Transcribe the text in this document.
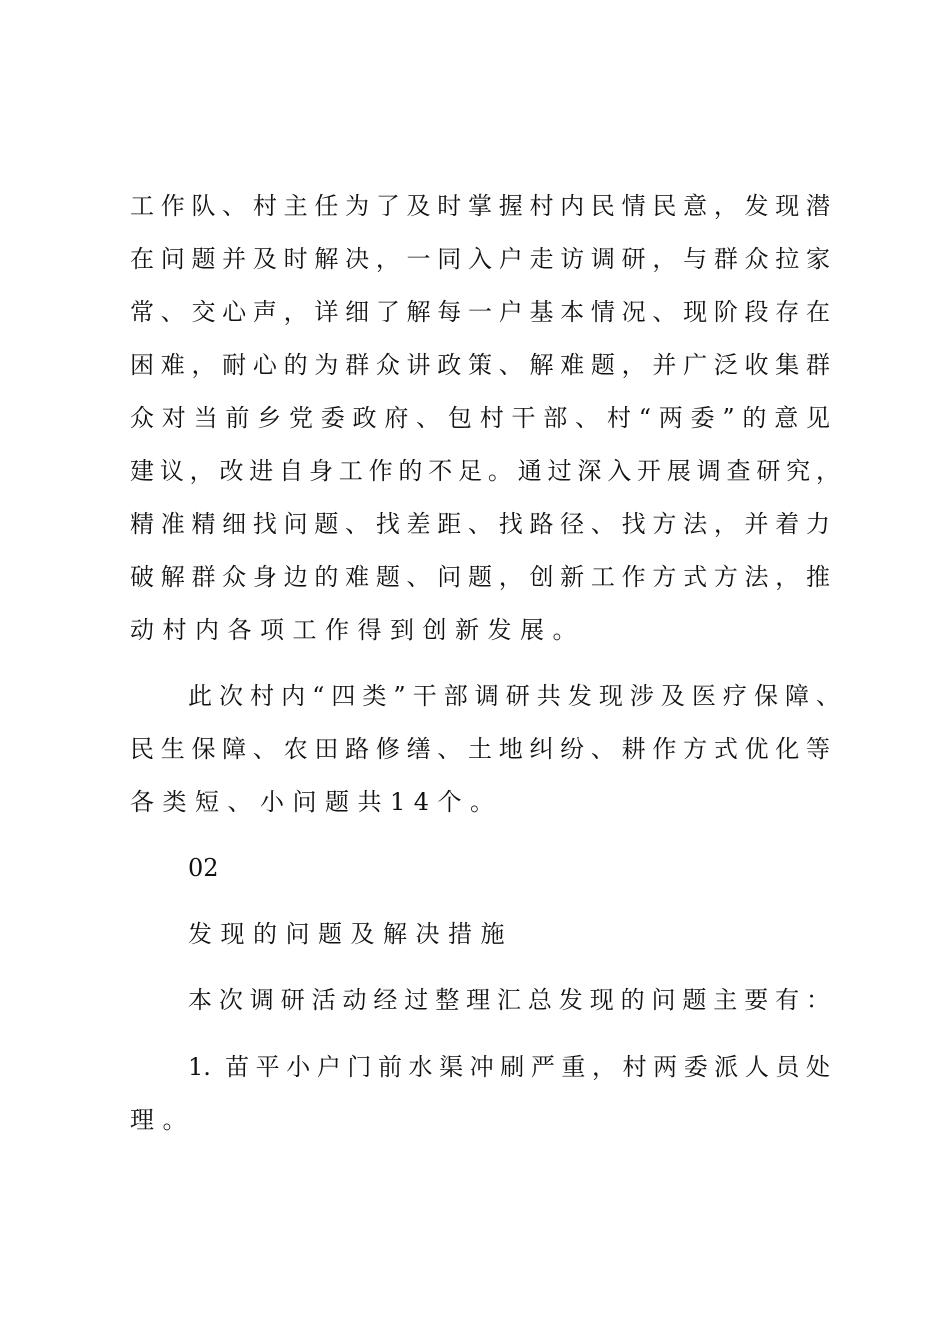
工作队、村主任为了及时掌握村内民情民意，发现潜
在问题并及时解决，一同入户走访调研，与群众拉家
常、交心声，详细了解每一户基本情况、现阶段存在
困难，耐心的为群众讲政策、解难题，并广泛收集群
众对当前乡党委政府、包村干部、村“两委”的意见
建议，改进自身工作的不足。通过深入开展调查研究，
精准精细找问题、找差距、找路径、找方法，并着力
破解群众身边的难题、问题，创新工作方式方法，推
动村内各项工作得到创新发展。
此次村内“四类”干部调研共发现涉及医疗保障、
民生保障、农田路修缮、土地纠纷、耕作方式优化等
各类短、小问题共14个。
02
发现的问题及解决措施
本次调研活动经过整理汇总发现的问题主要有：
1. 苗平小户门前水渠冲刷严重，村两委派人员处
理。
